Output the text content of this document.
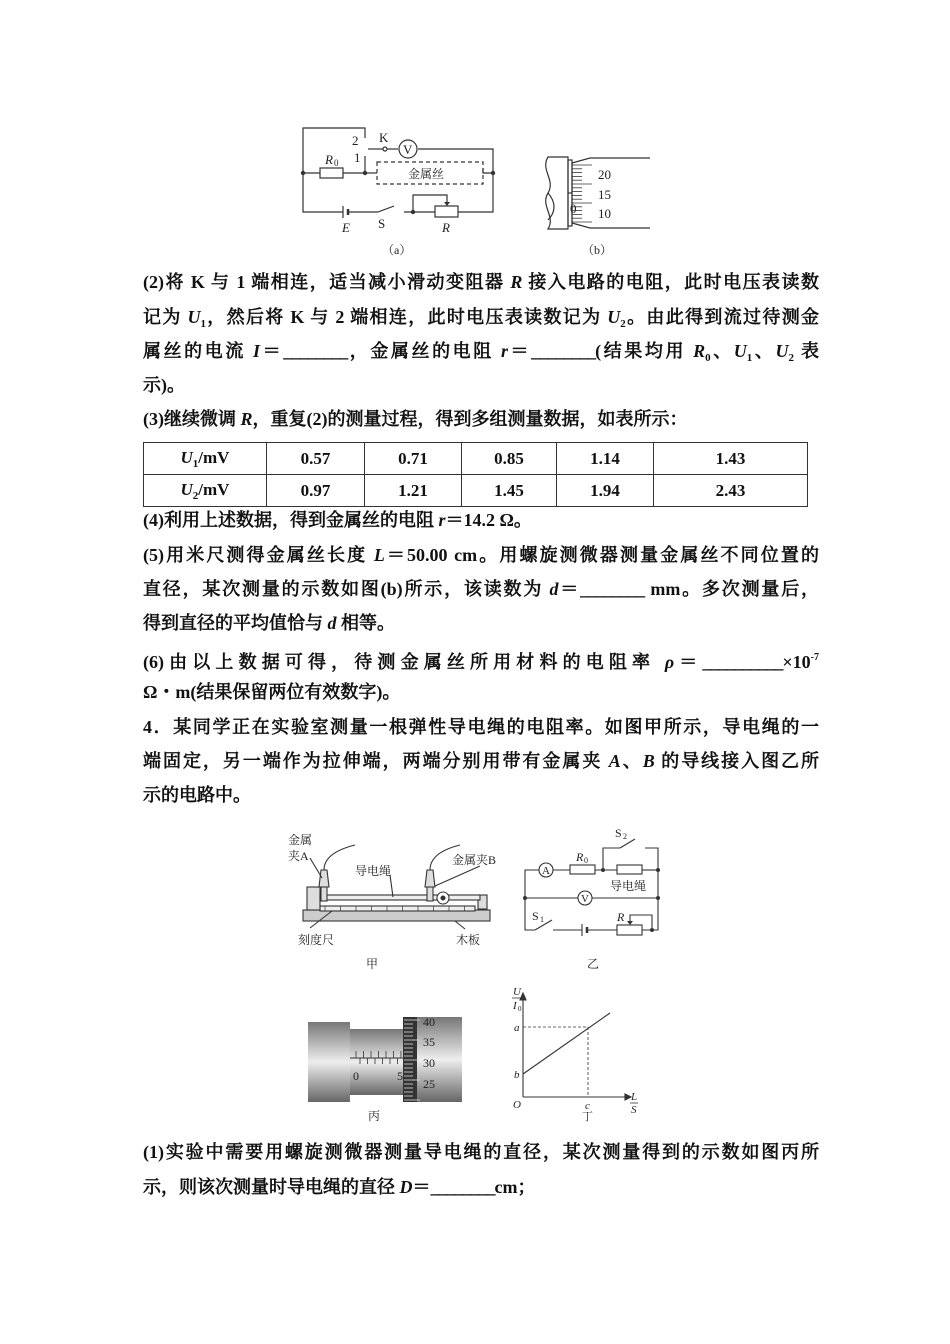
(2)将 K 与 1 端相连，适当减小滑动变阻器 R 接入电路的电阻，此时电压表读数
记为 $U_1$，然后将 K 与 2 端相连，此时电压表读数记为 $U_2$。由此得到流过待测金
属丝的电流 I＝________，金属丝的电阻 r＝________(结果均用 $R_0$、$U_1$、$U_2$ 表
示)。
(3)继续微调 R，重复(2)的测量过程，得到多组测量数据，如表所示：
(4)利用上述数据，得到金属丝的电阻 r＝14.2 Ω。
(5)用米尺测得金属丝长度 L＝50.00 cm。用螺旋测微器测量金属丝不同位置的
直径，某次测量的示数如图(b)所示，该读数为 d＝________ mm。多次测量后，
得到直径的平均值恰与 d 相等。
(6)由以上数据可得，待测金属丝所用材料的电阻率 $\rho=\_\_\_\_\_\_\_\_\_\_\times 10^{-7}$
Ω・m(结果保留两位有效数字)。
4．某同学正在实验室测量一根弹性导电绳的电阻率。如图甲所示，导电绳的一
端固定，另一端作为拉伸端，两端分别用带有金属夹 A、B 的导线接入图乙所
示的电路中。
(1)实验中需要用螺旋测微器测量导电绳的直径，某次测量得到的示数如图丙所
示，则该次测量时导电绳的直径 D＝________cm；
$U_1/mV$	0.57	0.71	0.85	1.14	1.43
$U_2/mV$	0.97	1.21	1.45	1.94	2.43
2
1
K
V
R 0
金属丝
E S	R
（a）
20
15
10
0
（b）
金属
夹A
导电绳
金属夹B
刻度尺	木板
甲
A
V
S 2
R 0
导电绳
S 1	R
乙
40
35
30
25
0	5
丙
U
I 0
L
S
a
b
O	c
丁
